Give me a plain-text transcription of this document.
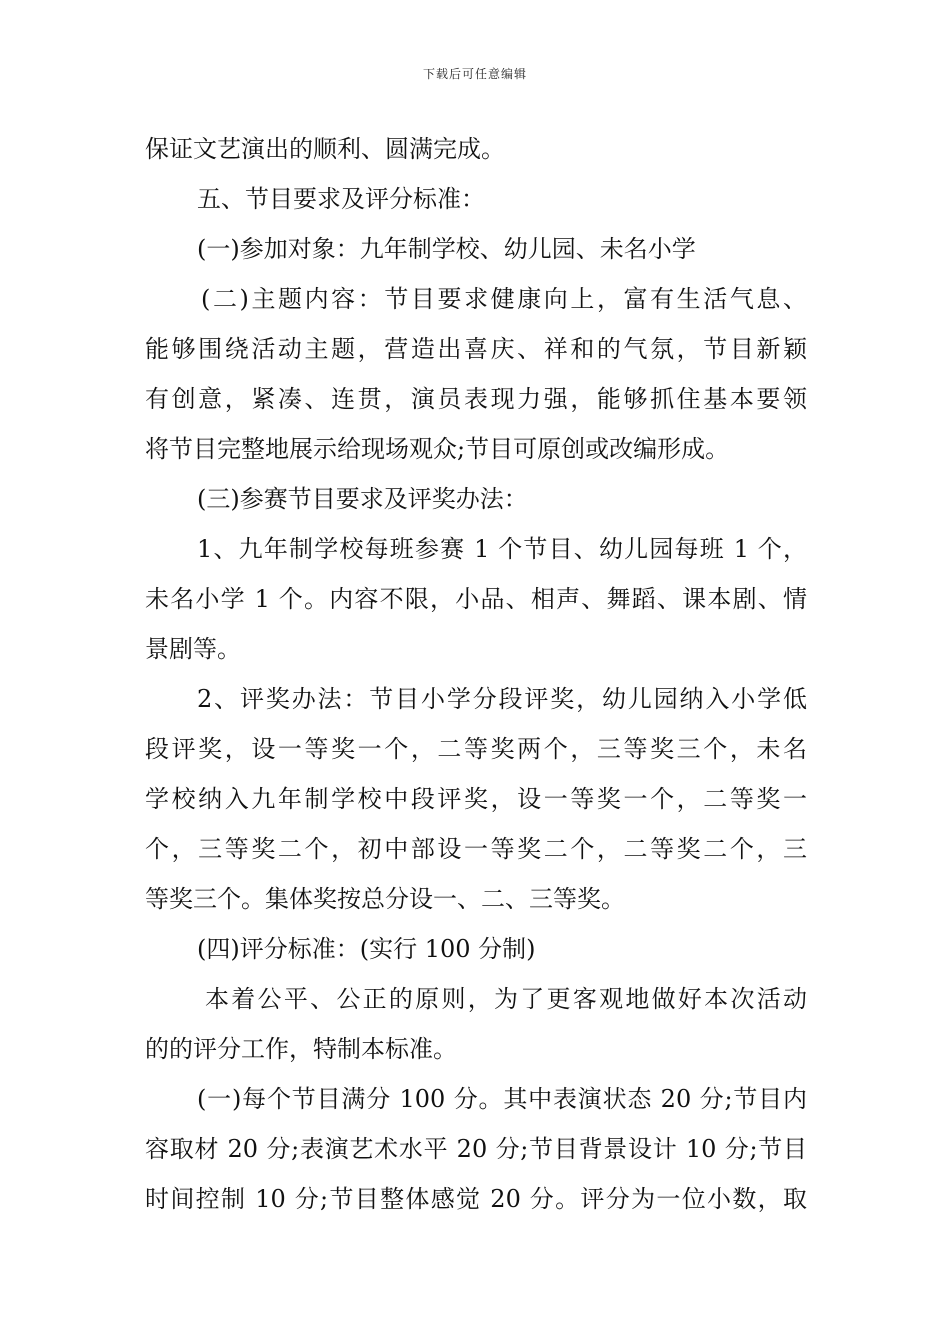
下载后可任意编辑
保证文艺演出的顺利、圆满完成。
五、节目要求及评分标准：
(一)参加对象：九年制学校、幼儿园、未名小学
(二)主题内容：节目要求健康向上，富有生活气息、
能够围绕活动主题，营造出喜庆、祥和的气氛，节目新颖
有创意，紧凑、连贯，演员表现力强，能够抓住基本要领
将节目完整地展示给现场观众;节目可原创或改编形成。
(三)参赛节目要求及评奖办法：
1、九年制学校每班参赛 1 个节目、幼儿园每班 1 个，
未名小学 1 个。内容不限，小品、相声、舞蹈、课本剧、情
景剧等。
2、评奖办法：节目小学分段评奖，幼儿园纳入小学低
段评奖，设一等奖一个，二等奖两个，三等奖三个，未名
学校纳入九年制学校中段评奖，设一等奖一个，二等奖一
个，三等奖二个，初中部设一等奖二个，二等奖二个，三
等奖三个。集体奖按总分设一、二、三等奖。
(四)评分标准：(实行 100 分制)
本着公平、公正的原则，为了更客观地做好本次活动
的的评分工作，特制本标准。
(一)每个节目满分 100 分。其中表演状态 20 分;节目内
容取材 20 分;表演艺术水平 20 分;节目背景设计 10 分;节目
时间控制 10 分;节目整体感觉 20 分。评分为一位小数，取
